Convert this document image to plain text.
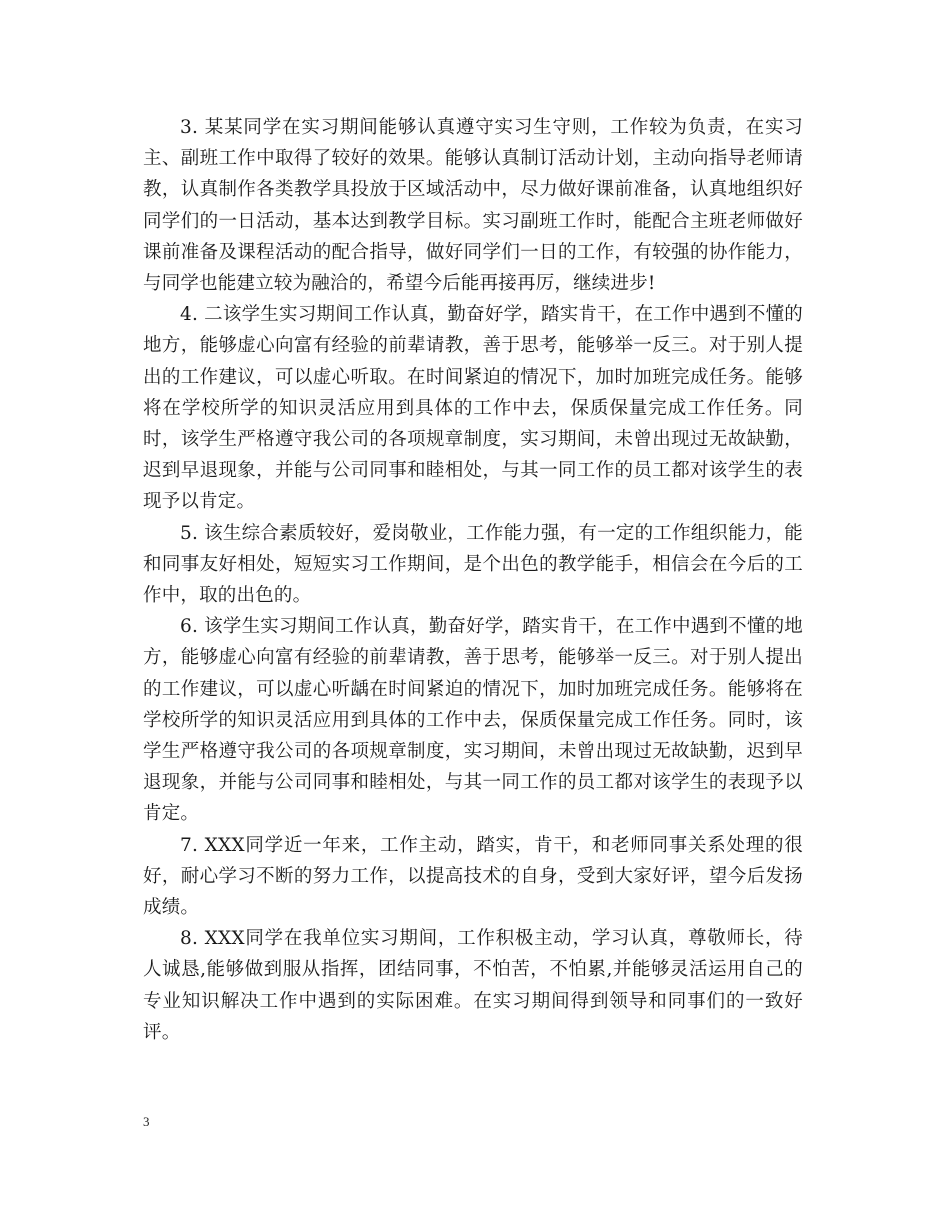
3. 某某同学在实习期间能够认真遵守实习生守则，工作较为负责，在实习主、副班工作中取得了较好的效果。能够认真制订活动计划，主动向指导老师请教，认真制作各类教学具投放于区域活动中，尽力做好课前准备，认真地组织好同学们的一日活动，基本达到教学目标。实习副班工作时，能配合主班老师做好课前准备及课程活动的配合指导，做好同学们一日的工作，有较强的协作能力，与同学也能建立较为融洽的，希望今后能再接再厉，继续进步!

4. 二该学生实习期间工作认真，勤奋好学，踏实肯干，在工作中遇到不懂的地方，能够虚心向富有经验的前辈请教，善于思考，能够举一反三。对于别人提出的工作建议，可以虚心听取。在时间紧迫的情况下，加时加班完成任务。能够将在学校所学的知识灵活应用到具体的工作中去，保质保量完成工作任务。同时，该学生严格遵守我公司的各项规章制度，实习期间，未曾出现过无故缺勤，迟到早退现象，并能与公司同事和睦相处，与其一同工作的员工都对该学生的表现予以肯定。

5. 该生综合素质较好，爱岗敬业，工作能力强，有一定的工作组织能力，能和同事友好相处，短短实习工作期间，是个出色的教学能手，相信会在今后的工作中，取的出色的。

6. 该学生实习期间工作认真，勤奋好学，踏实肯干，在工作中遇到不懂的地方，能够虚心向富有经验的前辈请教，善于思考，能够举一反三。对于别人提出的工作建议，可以虚心听龋在时间紧迫的情况下，加时加班完成任务。能够将在学校所学的知识灵活应用到具体的工作中去，保质保量完成工作任务。同时，该学生严格遵守我公司的各项规章制度，实习期间，未曾出现过无故缺勤，迟到早退现象，并能与公司同事和睦相处，与其一同工作的员工都对该学生的表现予以肯定。

7. XXX同学近一年来，工作主动，踏实，肯干，和老师同事关系处理的很好，耐心学习不断的努力工作，以提高技术的自身，受到大家好评，望今后发扬成绩。

8. XXX同学在我单位实习期间，工作积极主动，学习认真，尊敬师长，待人诚恳,能够做到服从指挥，团结同事，不怕苦，不怕累,并能够灵活运用自己的专业知识解决工作中遇到的实际困难。在实习期间得到领导和同事们的一致好评。

3
